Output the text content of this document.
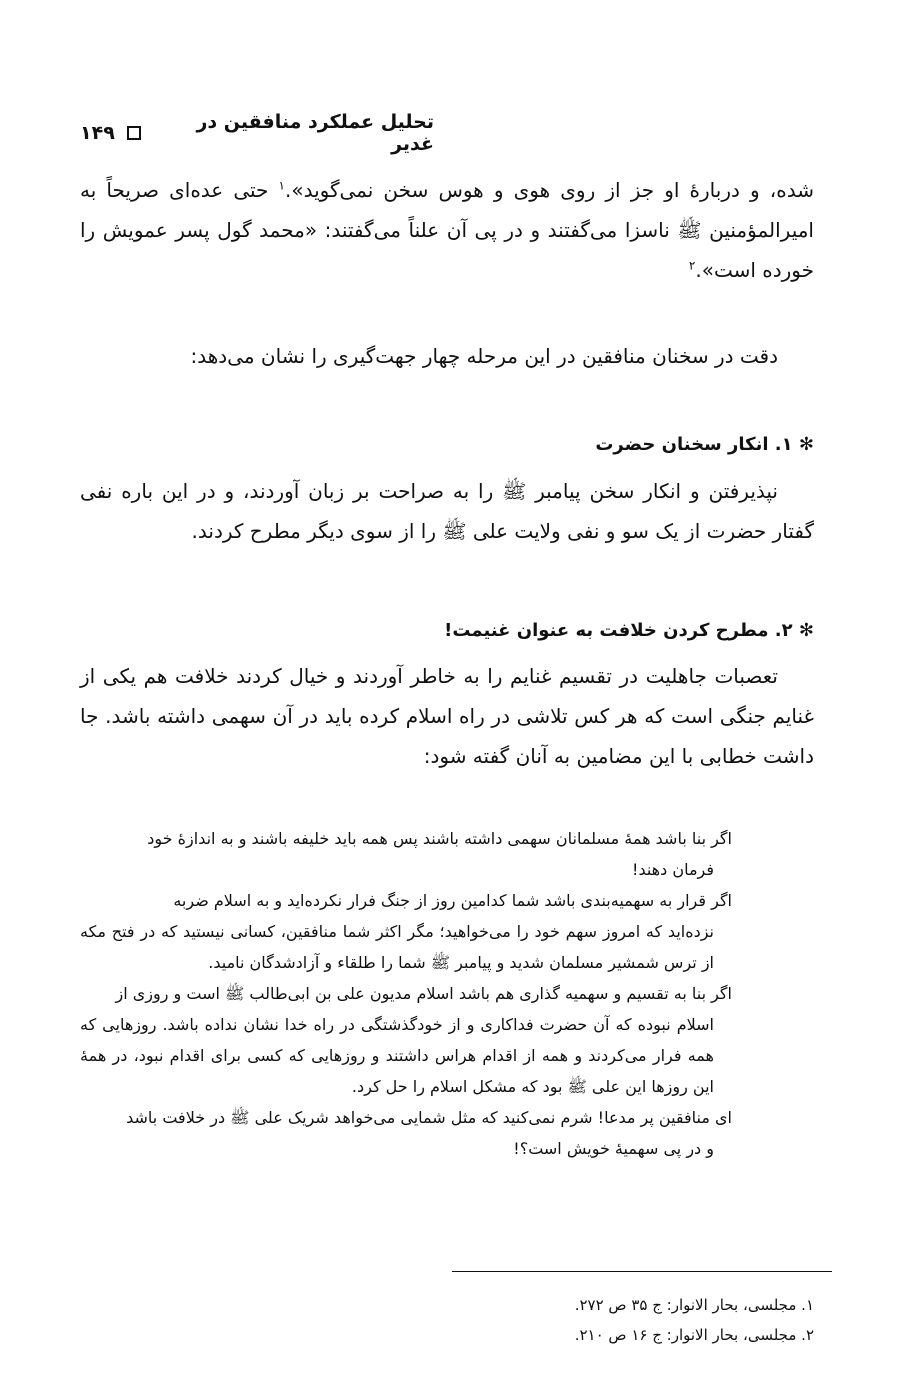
تحلیل عملکرد منافقین در غدیر
۱۴۹
شده، و دربارهٔ او جز از روی هوی و هوس سخن نمی‌گوید».$^۱$ حتی عده‌ای صریحاً به امیرالمؤمنین ﷺ ناسزا می‌گفتند و در پی آن علناً می‌گفتند: «محمد گول پسر عمویش را خورده است».$^۲$
دقت در سخنان منافقین در این مرحله چهار جهت‌گیری را نشان می‌دهد:
✻ ۱. انکار سخنان حضرت
نپذیرفتن و انکار سخن پیامبر ﷺ را به صراحت بر زبان آوردند، و در این باره نفی گفتار حضرت از یک سو و نفی ولایت علی ﷺ را از سوی دیگر مطرح کردند.
✻ ۲. مطرح کردن خلافت به عنوان غنیمت!
تعصبات جاهلیت در تقسیم غنایم را به خاطر آوردند و خیال کردند خلافت هم یکی از غنایم جنگی است که هر کس تلاشی در راه اسلام کرده باید در آن سهمی داشته باشد. جا داشت خطابی با این مضامین به آنان گفته شود:
اگر بنا باشد همهٔ مسلمانان سهمی داشته باشند پس همه باید خلیفه باشند و به اندازهٔ خود
فرمان دهند!
اگر قرار به سهمیه‌بندی باشد شما کدامین روز از جنگ فرار نکرده‌اید و به اسلام ضربه
نزده‌اید که امروز سهم خود را می‌خواهید؛ مگر اکثر شما منافقین، کسانی نیستید که در فتح مکه از ترس شمشیر مسلمان شدید و پیامبر ﷺ شما را طلقاء و آزادشدگان نامید.
اگر بنا به تقسیم و سهمیه گذاری هم باشد اسلام مدیون علی بن ابی‌طالب ﷺ است و روزی از
اسلام نبوده که آن حضرت فداکاری و از خودگذشتگی در راه خدا نشان نداده باشد. روزهایی که همه فرار می‌کردند و همه از اقدام هراس داشتند و روزهایی که کسی برای اقدام نبود، در همهٔ این روزها این علی ﷺ بود که مشکل اسلام را حل کرد.
ای منافقین پر مدعا! شرم نمی‌کنید که مثل شمایی می‌خواهد شریک علی ﷺ در خلافت باشد
و در پی سهمیهٔ خویش است؟!
۱. مجلسی، بحار الانوار: ج ۳۵ ص ۲۷۲.
۲. مجلسی، بحار الانوار: ج ۱۶ ص ۲۱۰.
